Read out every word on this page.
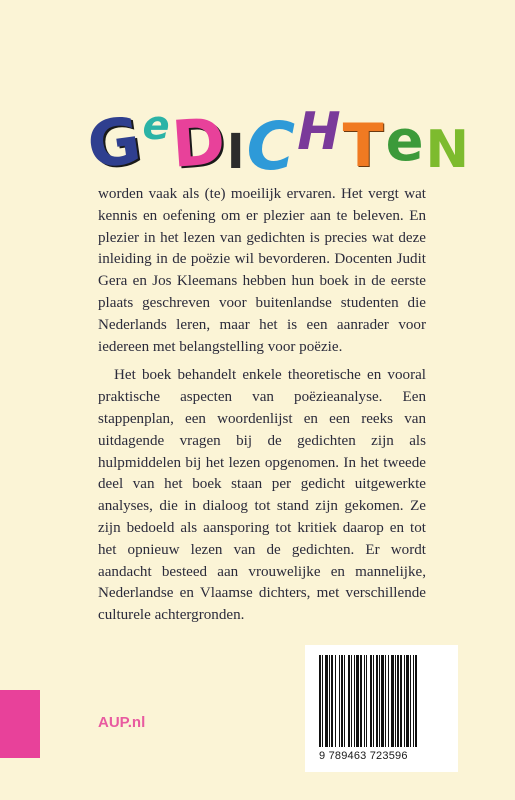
G
e D I C H T e N

worden vaak als (te) moeilijk ervaren. Het vergt wat kennis en oefening om er plezier aan te beleven. En plezier in het lezen van gedichten is precies wat deze inleiding in de poëzie wil bevorderen. Docenten Judit Gera en Jos Kleemans hebben hun boek in de eerste plaats geschreven voor buitenlandse studenten die Nederlands leren, maar het is een aanrader voor iedereen met belangstelling voor poëzie.

Het boek behandelt enkele theoretische en vooral praktische aspecten van poëzieanalyse. Een stappenplan, een woordenlijst en een reeks van uitdagende vragen bij de gedichten zijn als hulpmiddelen bij het lezen opgenomen. In het tweede deel van het boek staan per gedicht uitgewerkte analyses, die in dialoog tot stand zijn gekomen. Ze zijn bedoeld als aansporing tot kritiek daarop en tot het opnieuw lezen van de gedichten. Er wordt aandacht besteed aan vrouwelijke en mannelijke, Nederlandse en Vlaamse dichters, met verschillende culturele achtergronden.

AUP.nl
9 789463 723596
